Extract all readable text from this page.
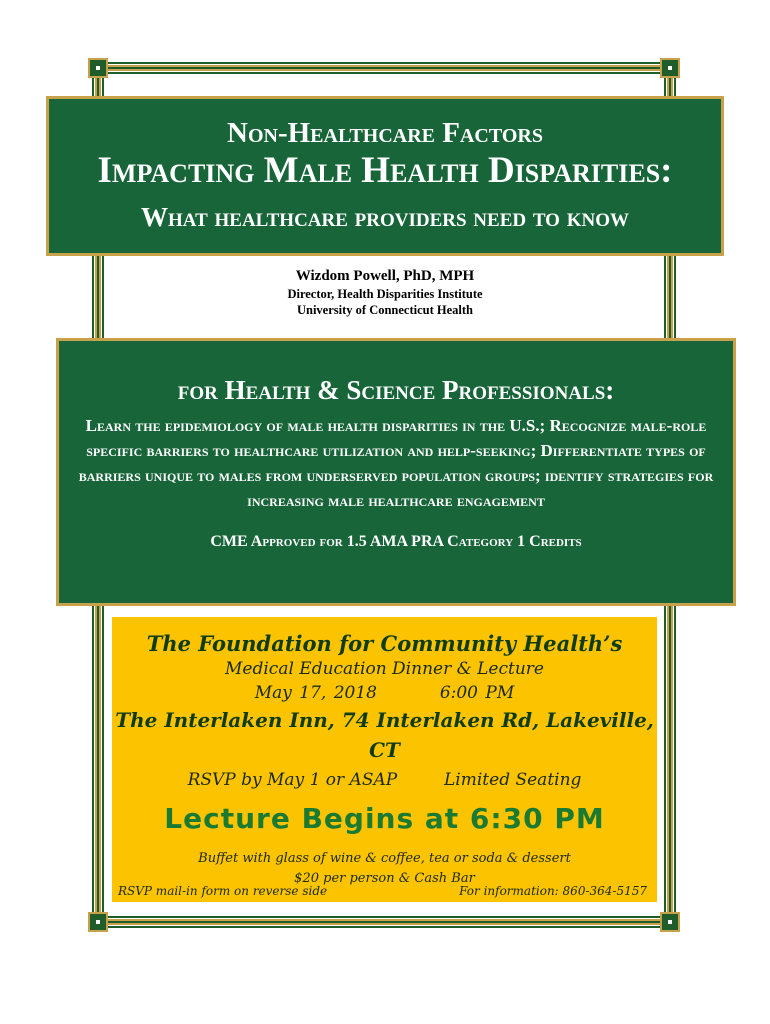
Non-Healthcare Factors
Impacting Male Health Disparities:
What healthcare providers need to know
Wizdom Powell, PhD, MPH
Director, Health Disparities Institute
University of Connecticut Health
for Health & Science Professionals:
Learn the epidemiology of male health disparities in the U.S.; Recognize male-role specific barriers to healthcare utilization and help-seeking; Differentiate types of barriers unique to males from underserved population groups; identify strategies for increasing male healthcare engagement
CME Approved for 1.5 AMA PRA Category 1 Credits
The Foundation for Community Health’s
Medical Education Dinner & Lecture
May 17, 2018	6:00 PM
The Interlaken Inn, 74 Interlaken Rd, Lakeville, CT
RSVP by May 1 or ASAP	Limited Seating
Lecture Begins at 6:30 PM
Buffet with glass of wine & coffee, tea or soda & dessert
$20 per person & Cash Bar
RSVP mail-in form on reverse side	For information: 860-364-5157
